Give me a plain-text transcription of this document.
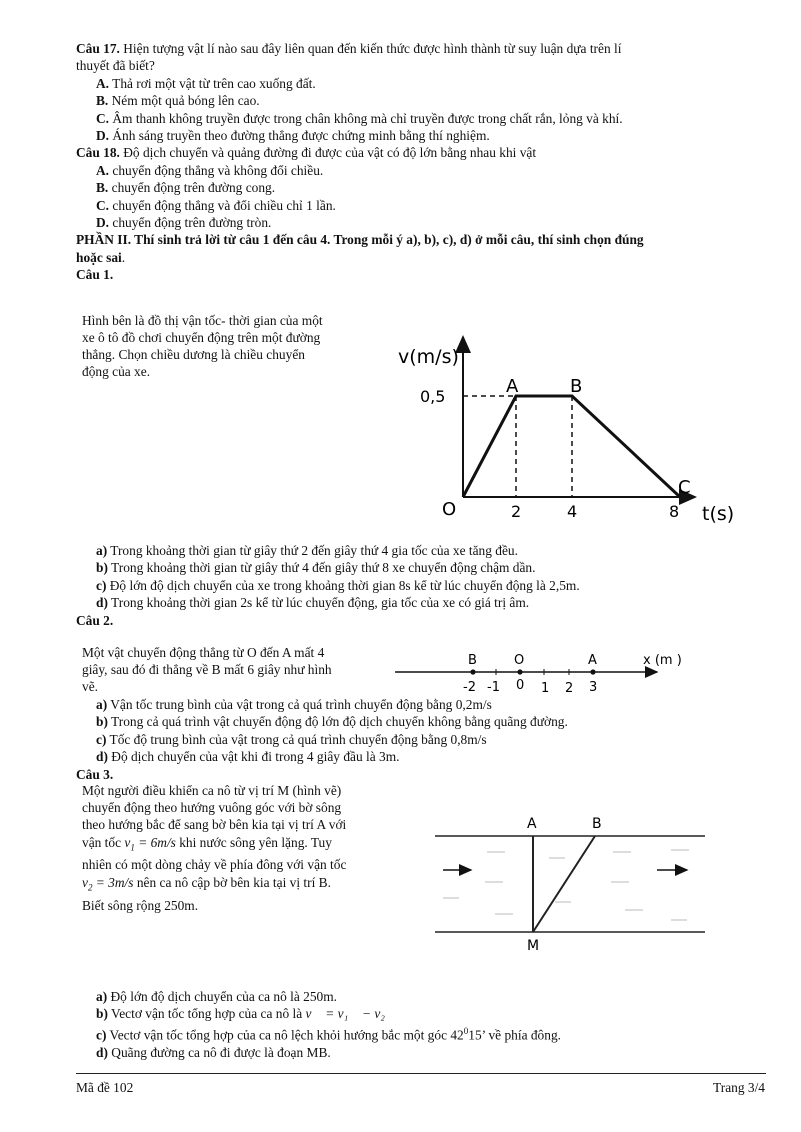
Câu 17. Hiện tượng vật lí nào sau đây liên quan đến kiến thức được hình thành từ suy luận dựa trên lí
thuyết đã biết?
A. Thả rơi một vật từ trên cao xuống đất.
B. Ném một quả bóng lên cao.
C. Âm thanh không truyền được trong chân không mà chỉ truyền được trong chất rắn, lỏng và khí.
D. Ánh sáng truyền theo đường thẳng được chứng minh bằng thí nghiệm.
Câu 18. Độ dịch chuyển và quảng đường đi được của vật có độ lớn bằng nhau khi vật
A. chuyển động thẳng và không đổi chiều.
B. chuyển động trên đường cong.
C. chuyển động thẳng và đổi chiều chỉ 1 lần.
D. chuyển động trên đường tròn.
PHẦN II. Thí sinh trả lời từ câu 1 đến câu 4. Trong mỗi ý a), b), c), d) ở mỗi câu, thí sinh chọn đúng
hoặc sai.
Câu 1.
Hình bên là đồ thị vận tốc- thời gian của một
xe ô tô đồ chơi chuyển động trên một đường
thẳng. Chọn chiều dương là chiều chuyển
động của xe.
v(m/s)
0,5
O
A	B
C
2	4	8 t(s)
a) Trong khoảng thời gian từ giây thứ 2 đến giây thứ 4 gia tốc của xe tăng đều.
b) Trong khoảng thời gian từ giây thứ 4 đến giây thứ 8 xe chuyển động chậm dần.
c) Độ lớn độ dịch chuyển của xe trong khoảng thời gian 8s kể từ lúc chuyển động là 2,5m.
d) Trong khoảng thời gian 2s kể từ lúc chuyển động, gia tốc của xe có giá trị âm.
Câu 2.
Một vật chuyển động thẳng từ O đến A mất 4
giây, sau đó đi thẳng về B mất 6 giây như hình
vẽ.
B	O	A	x (m )
-2 -1 0 1 2 3
a) Vận tốc trung bình của vật trong cả quá trình chuyển động bằng 0,2m/s
b) Trong cả quá trình vật chuyển động độ lớn độ dịch chuyển không bằng quãng đường.
c) Tốc độ trung bình của vật trong cả quá trình chuyển động bằng 0,8m/s
d) Độ dịch chuyển của vật khi đi trong 4 giây đầu là 3m.
Câu 3.
Một người điều khiển ca nô từ vị trí M (hình vẽ)
chuyển động theo hướng vuông góc với bờ sông
theo hướng bắc để sang bờ bên kia tại vị trí A với
vận tốc $v_1 = 6m/s$ khi nước sông yên lặng. Tuy
nhiên có một dòng chảy về phía đông với vận tốc
$v_2 = 3m/s$ nên ca nô cập bờ bên kia tại vị trí B.
Biết sông rộng 250m.
A	B
M
a) Độ lớn độ dịch chuyển của ca nô là 250m.
b) Vectơ vận tốc tổng hợp của ca nô là v⃗ = v₁⃗ − v₂⃗
c) Vectơ vận tốc tổng hợp của ca nô lệch khỏi hướng bắc một góc $42^015$’ về phía đông.
d) Quãng đường ca nô đi được là đoạn MB.
Mã đề 102	Trang 3/4
